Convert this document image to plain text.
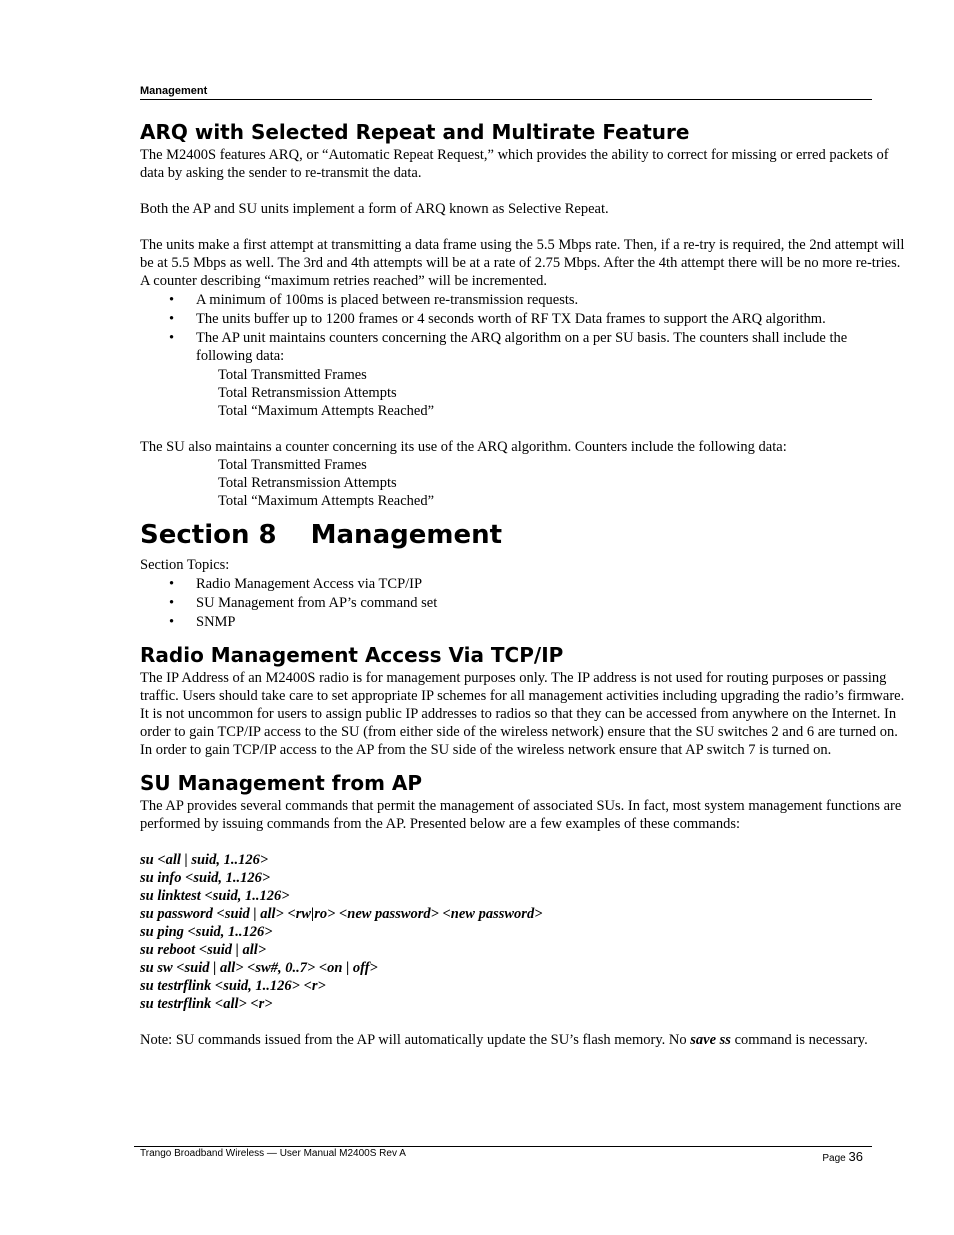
Management
ARQ with Selected Repeat and Multirate Feature

The M2400S features ARQ, or “Automatic Repeat Request,” which provides the ability to correct for missing or erred packets of data by asking the sender to re-transmit the data.

Both the AP and SU units implement a form of ARQ known as Selective Repeat.

The units make a first attempt at transmitting a data frame using the 5.5 Mbps rate. Then, if a re-try is required, the 2nd attempt will be at 5.5 Mbps as well. The 3rd and 4th attempts will be at a rate of 2.75 Mbps. After the 4th attempt there will be no more re-tries. A counter describing “maximum retries reached” will be incremented.

• A minimum of 100ms is placed between re-transmission requests.
• The units buffer up to 1200 frames or 4 seconds worth of RF TX Data frames to support the ARQ algorithm.
• The AP unit maintains counters concerning the ARQ algorithm on a per SU basis. The counters shall include the following data:

Total Transmitted Frames

Total Retransmission Attempts

Total “Maximum Attempts Reached”

The SU also maintains a counter concerning its use of the ARQ algorithm. Counters include the following data:

Total Transmitted Frames

Total Retransmission Attempts

Total “Maximum Attempts Reached”

Section 8 Management

Section Topics:

• Radio Management Access via TCP/IP
• SU Management from AP’s command set
• SNMP
Radio Management Access Via TCP/IP

The IP Address of an M2400S radio is for management purposes only. The IP address is not used for routing purposes or passing traffic. Users should take care to set appropriate IP schemes for all management activities including upgrading the radio’s firmware. It is not uncommon for users to assign public IP addresses to radios so that they can be accessed from anywhere on the Internet. In order to gain TCP/IP access to the SU (from either side of the wireless network) ensure that the SU switches 2 and 6 are turned on. In order to gain TCP/IP access to the AP from the SU side of the wireless network ensure that AP switch 7 is turned on.

SU Management from AP

The AP provides several commands that permit the management of associated SUs. In fact, most system management functions are performed by issuing commands from the AP. Presented below are a few examples of these commands:

su <all | suid, 1..126>

su info <suid, 1..126>

su linktest <suid, 1..126>

su password <suid | all> <rw|ro> <new password> <new password>

su ping <suid, 1..126>

su reboot <suid | all>

su sw <suid | all> <sw#, 0..7> <on | off>

su testrflink <suid, 1..126> <r>

su testrflink <all> <r>

Note: SU commands issued from the AP will automatically update the SU’s flash memory. No save ss command is necessary.

Trango Broadband Wireless — User Manual M2400S Rev A	Page 36
